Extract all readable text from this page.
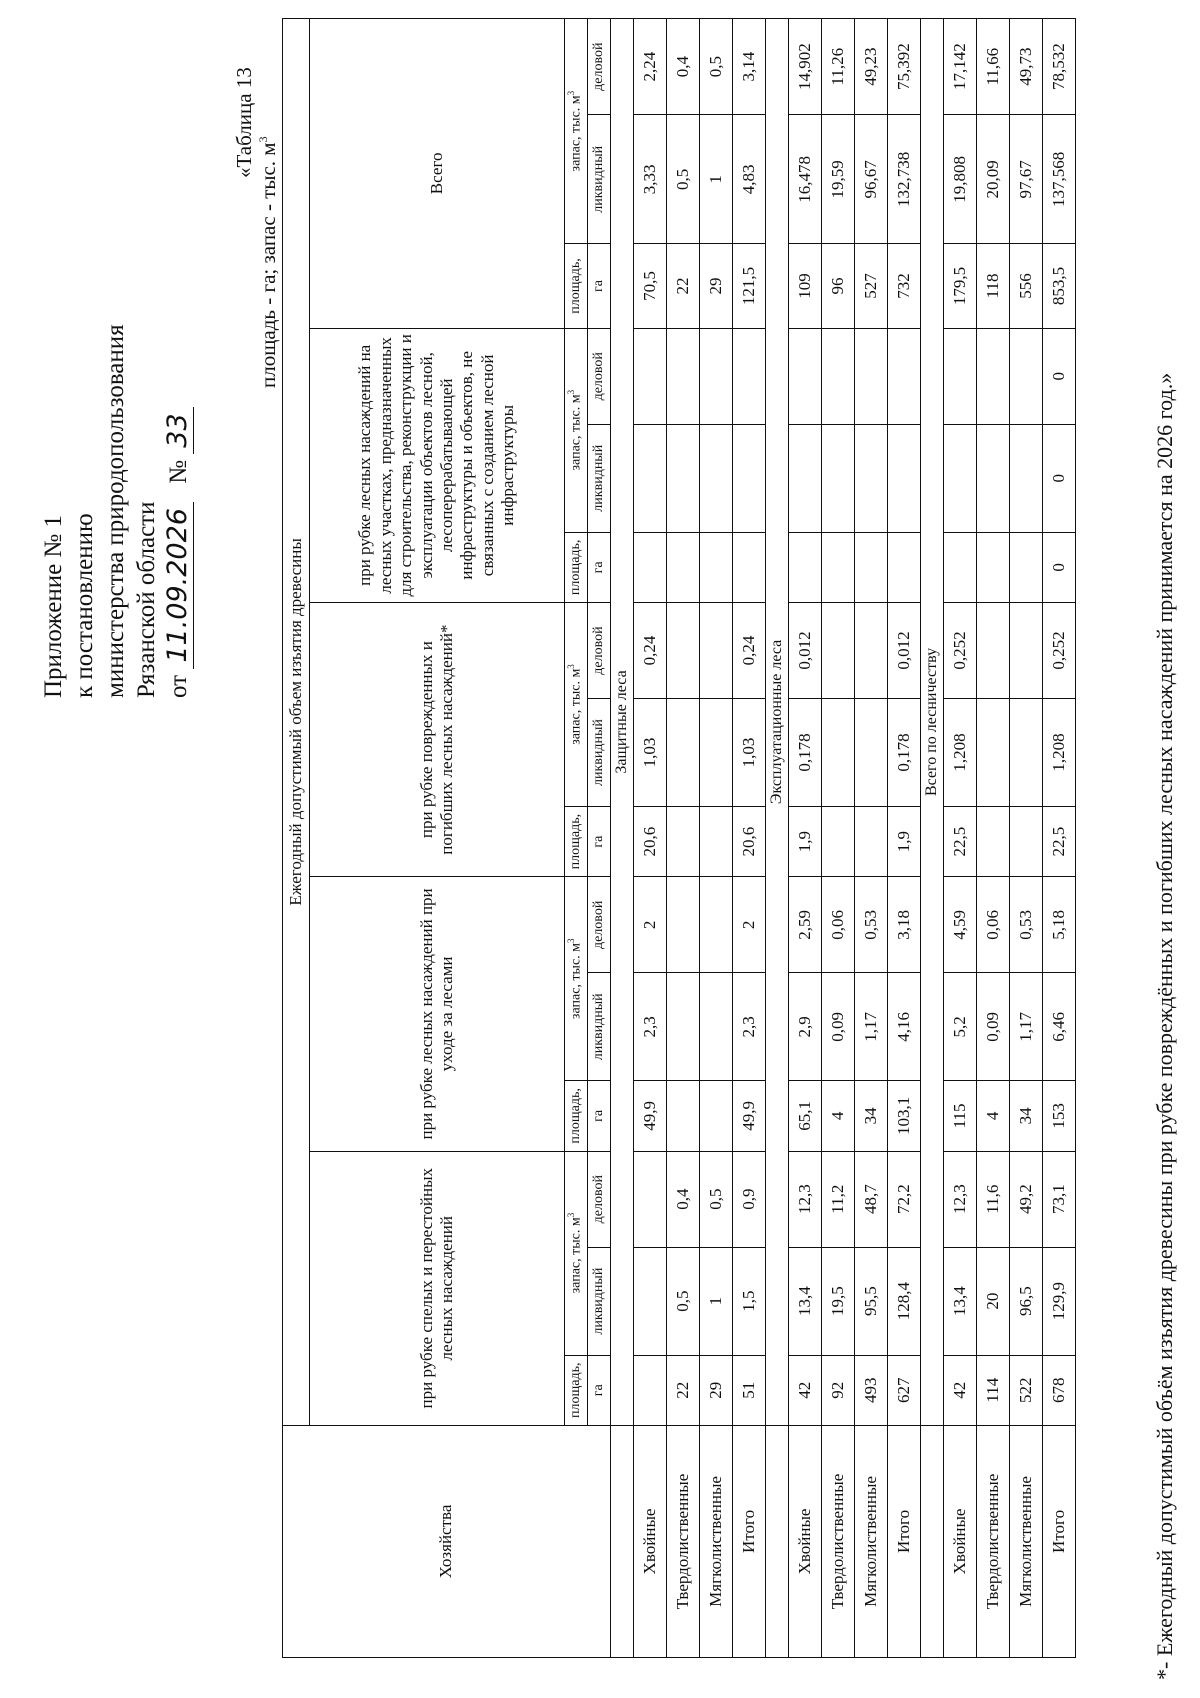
Приложение № 1 к постановлению министерства природопользования Рязанской области от 11.09.2026 № 33
«Таблица 13
площадь - га; запас - тыс. $м^3$
Хозяйства	Ежегодный допустимый объем изъятия древесины														
	при рубке спелых и перестойных лесных насаждений			при рубке лесных насаждений при уходе за лесами			при рубке поврежденных и погибших лесных насаждений*			при рубке лесных насаждений на лесных участках, предназначенных для строительства, реконструкции и эксплуатации объектов лесной, лесоперерабатывающей инфраструктуры и объектов, не связанных с созданием лесной инфраструктуры			Всего		
	площадь,	запас, тыс. $м^3$		площадь,	запас, тыс. $м^3$		площадь,	запас, тыс. $м^3$		площадь,	запас, тыс. $м^3$		площадь,	запас, тыс. $м^3$
	га	ликвидный	деловой	га	ликвидный	деловой	га	ликвидный	деловой	га	ликвидный	деловой	га	ликвидный	деловой
	Защитные леса														
Хвойные				49,9	2,3	2	20,6	1,03	0,24				70,5	3,33	2,24
Твердолиственные	22	0,5	0,4										22	0,5	0,4
Мягколиственные	29	1	0,5										29	1	0,5
Итого	51	1,5	0,9	49,9	2,3	2	20,6	1,03	0,24				121,5	4,83	3,14
	Эксплуатационные леса														
Хвойные	42	13,4	12,3	65,1	2,9	2,59	1,9	0,178	0,012				109	16,478	14,902
Твердолиственные	92	19,5	11,2	4	0,09	0,06							96	19,59	11,26
Мягколиственные	493	95,5	48,7	34	1,17	0,53							527	96,67	49,23
Итого	627	128,4	72,2	103,1	4,16	3,18	1,9	0,178	0,012				732	132,738	75,392
	Всего по лесничеству														
Хвойные	42	13,4	12,3	115	5,2	4,59	22,5	1,208	0,252				179,5	19,808	17,142
Твердолиственные	114	20	11,6	4	0,09	0,06							118	20,09	11,66
Мягколиственные	522	96,5	49,2	34	1,17	0,53							556	97,67	49,73
Итого	678	129,9	73,1	153	6,46	5,18	22,5	1,208	0,252	0	0	0	853,5	137,568	78,532
*- Ежегодный допустимый объём изъятия древесины при рубке повреждённых и погибших лесных насаждений принимается на 2026 год.»
